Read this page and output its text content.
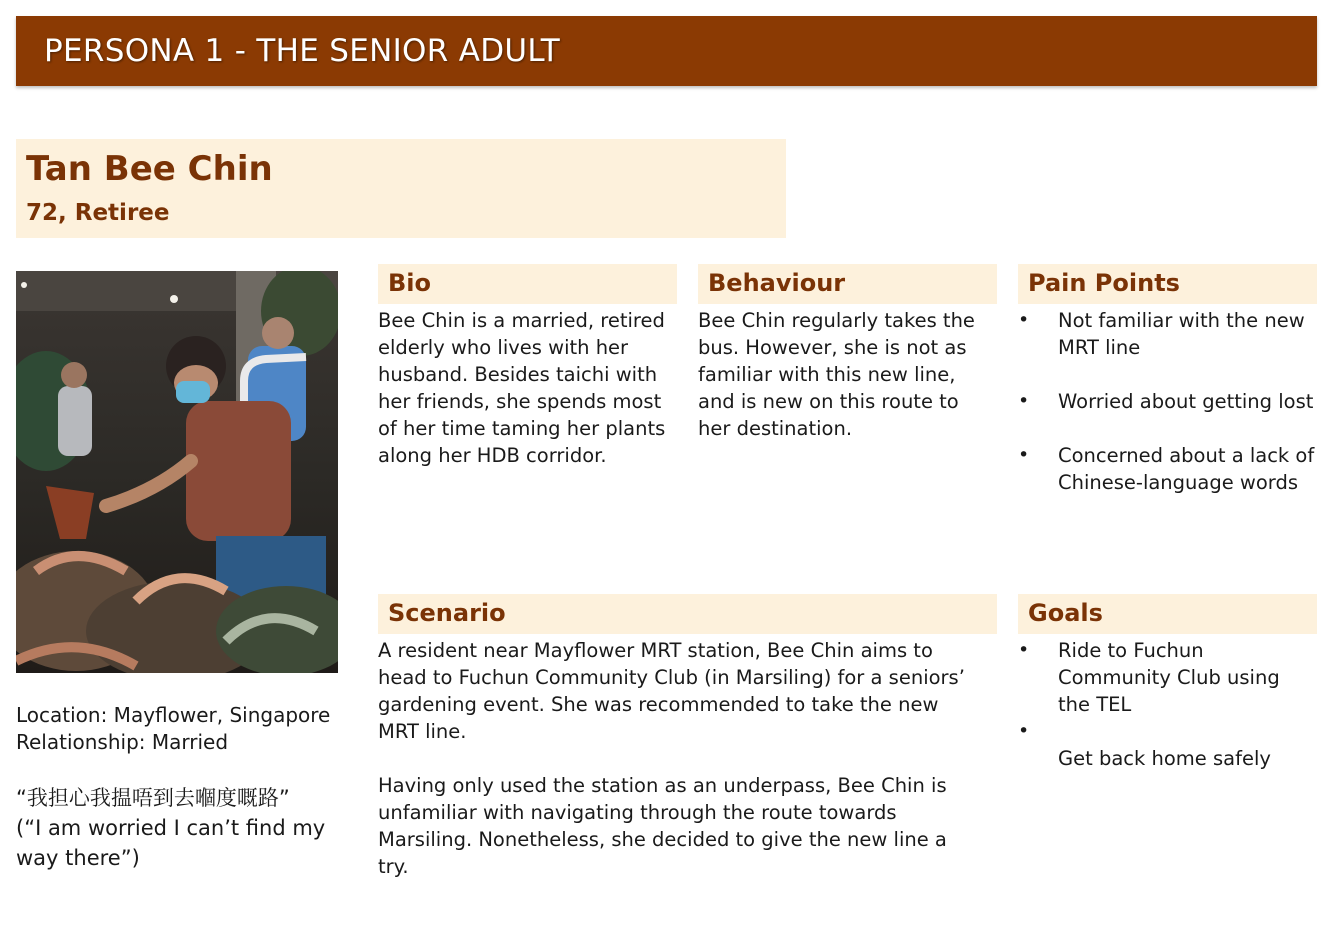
PERSONA 1 - THE SENIOR ADULT
Tan Bee Chin
72, Retiree
Location: Mayflower, Singapore
Relationship: Married
“我担心我揾唔到去嗰度嘅路”
(“I am worried I can’t find my way there”)
Bio
Bee Chin is a married, retired elderly who lives with her husband. Besides taichi with her friends, she spends most of her time taming her plants along her HDB corridor.
Behaviour
Bee Chin regularly takes the bus. However, she is not as familiar with this new line, and is new on this route to her destination.
Pain Points
• Not familiar with the new MRT line
• Worried about getting lost
• Concerned about a lack of Chinese-language words
Scenario

A resident near Mayflower MRT station, Bee Chin aims to head to Fuchun Community Club (in Marsiling) for a seniors’ gardening event. She was recommended to take the new MRT line.

Having only used the station as an underpass, Bee Chin is unfamiliar with navigating through the route towards Marsiling. Nonetheless, she decided to give the new line a try.

Goals
• Ride to Fuchun Community Club using the TEL
•
Get back home safely
